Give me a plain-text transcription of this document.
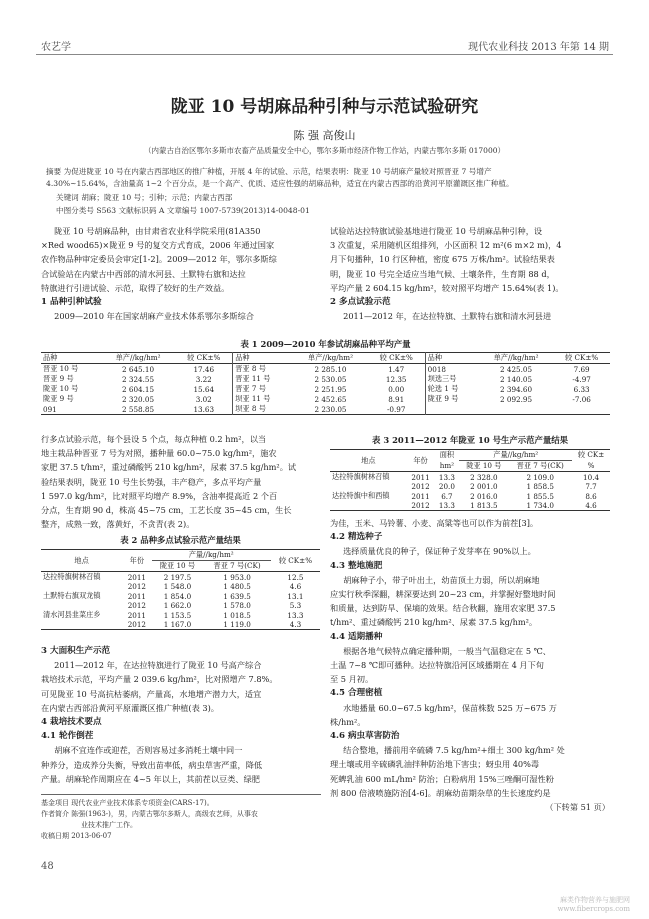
农艺学	现代农业科技 2013 年第 14 期
陇亚 10 号胡麻品种引种与示范试验研究
陈 强 高俊山
（内蒙古自治区鄂尔多斯市农畜产品质量安全中心，鄂尔多斯市经济作物工作站，内蒙古鄂尔多斯 017000）
摘要 为促进陇亚 10 号在内蒙古西部地区的推广种植，开展 4 年的试验、示范，结果表明：陇亚 10 号胡麻产量较对照晋亚 7 号增产
4.30%~15.64%，含油量高 1~2 个百分点，是一个高产、优质、适应性强的胡麻品种，适宜在内蒙古西部的沿黄河平原灌溉区推广种植。
关键词 胡麻；陇亚 10 号；引种；示范；内蒙古西部
中图分类号 S563 文献标识码 A 文章编号 1007-5739(2013)14-0048-01
陇亚 10 号胡麻品种，由甘肃省农业科学院采用(81A350
×Red wood65)×陇亚 9 号的复交方式育成，2006 年通过国家
农作物品种审定委员会审定[1-2]。2009—2012 年，鄂尔多斯综
合试验站在内蒙古中西部的清水河县、土默特右旗和达拉
特旗进行引进试验、示范，取得了较好的生产效益。
1 品种引种试验
2009—2010 年在国家胡麻产业技术体系鄂尔多斯综合
试验站达拉特旗试验基地进行陇亚 10 号胡麻品种引种，设
3 次重复，采用随机区组排列，小区面积 12 m²(6 m×2 m)，4
月下旬播种，10 行区种植，密度 675 万株/hm²。试验结果表
明，陇亚 10 号完全适应当地气候、土壤条件，生育期 88 d，
平均产量 2 604.15 kg/hm²，较对照平均增产 15.64%(表 1)。
2 多点试验示范
2011—2012 年，在达拉特旗、土默特右旗和清水河县进
表 1 2009—2010 年参试胡麻品种平均产量
品种	单产//kg/hm²	较 CK±%	品种	单产//kg/hm²	较 CK±%	品种	单产//kg/hm²	较 CK±%
晋亚 10 号	2 645.10	17.46	晋亚 8 号	2 285.10	1.47	0018	2 425.05	7.69
晋亚 9 号	2 324.55	3.22	晋亚 11 号	2 530.05	12.35	坝选三号	2 140.05	-4.97
陇亚 10 号	2 604.15	15.64	晋亚 7 号	2 251.95	0.00	轮选 1 号	2 394.60	6.33
陇亚 9 号	2 320.05	3.02	坝亚 11 号	2 452.65	8.91	陇亚 9 号	2 092.95	-7.06
091	2 558.85	13.63	坝亚 8 号	2 230.05	-0.97			
行多点试验示范，每个县设 5 个点，每点种植 0.2 hm²，以当
地主栽品种晋亚 7 号为对照，播种量 60.0~75.0 kg/hm²，施农
家肥 37.5 t/hm²，重过磷酸钙 210 kg/hm²，尿素 37.5 kg/hm²。试
验结果表明，陇亚 10 号生长势强，丰产稳产，多点平均产量
1 597.0 kg/hm²，比对照平均增产 8.9%，含油率提高近 2 个百
分点，生育期 90 d，株高 45~75 cm，工艺长度 35~45 cm，生长
整齐，成熟一致，落黄好，不贪青(表 2)。
表 2 品种多点试验示范产量结果
地点	年份	产量//kg/hm²		较 CK±%
		陇亚 10 号	晋亚 7 号(CK)	
达拉特旗树林召镇	2011	2 197.5	1 953.0	12.5
	2012	1 548.0	1 480.5	4.6
土默特右旗双龙镇	2011	1 854.0	1 639.5	13.1
	2012	1 662.0	1 578.0	5.3
清水河县韭菜庄乡	2011	1 153.5	1 018.5	13.3
	2012	1 167.0	1 119.0	4.3
3 大面积生产示范
2011—2012 年，在达拉特旗进行了陇亚 10 号高产综合
栽培技术示范，平均产量 2 039.6 kg/hm²，比对照增产 7.8%。
可见陇亚 10 号高抗枯萎病，产量高，水地增产潜力大，适宜
在内蒙古西部沿黄河平原灌溉区推广种植(表 3)。
4 栽培技术要点
4.1 轮作倒茬
胡麻不宜连作或迎茬，否则容易过多消耗土壤中同一
种养分，造成养分失衡，导致出苗率低，病虫草害严重，降低
产量。胡麻轮作周期应在 4~5 年以上，其前茬以豆类、绿肥
基金项目 现代农业产业技术体系专项资金(CARS-17)。
作者简介 陈强(1963-)，男，内蒙古鄂尔多斯人，高级农艺师，从事农
业技术推广工作。
收稿日期 2013-06-07
表 3 2011—2012 年陇亚 10 号生产示范产量结果
地点	年份	面积	产量//kg/hm²		较 CK±
		hm²	陇亚 10 号	晋亚 7 号(CK)	%
达拉特旗树林召镇	2011	13.3	2 328.0	2 109.0	10.4
	2012	20.0	2 001.0	1 858.5	7.7
达拉特旗中和西镇	2011	6.7	2 016.0	1 855.5	8.6
	2012	13.3	1 813.5	1 734.0	4.6
为佳，玉米、马铃薯、小麦、高粱等也可以作为前茬[3]。
4.2 精选种子
选择质量优良的种子，保证种子发芽率在 90%以上。
4.3 整地施肥
胡麻种子小，带子叶出土，幼苗顶土力弱，所以胡麻地
应实行秋季深翻，耕深要达到 20~23 cm，并掌握好整地时间
和质量，达到防旱、保墒的效果。结合秋翻，施用农家肥 37.5
t/hm²、重过磷酸钙 210 kg/hm²、尿素 37.5 kg/hm²。
4.4 适期播种
根据各地气候特点确定播种期，一般当气温稳定在 5 ℃、
土温 7~8 ℃即可播种。达拉特旗沿河区域播期在 4 月下旬
至 5 月初。
4.5 合理密植
水地播量 60.0~67.5 kg/hm²，保苗株数 525 万~675 万
株/hm²。
4.6 病虫草害防治
结合整地，播前用辛硫磷 7.5 kg/hm²+细土 300 kg/hm² 处
理土壤或用辛硫磷乳油拌种防治地下害虫；蚜虫用 40%毒
死蜱乳油 600 mL/hm² 防治；白粉病用 15%三唑酮可湿性粉
剂 800 倍液喷施防治[4-6]。胡麻幼苗期杂草的生长速度约是
（下转第 51 页）
48
麻类作物营养与施肥网
www.fibercrops.com
